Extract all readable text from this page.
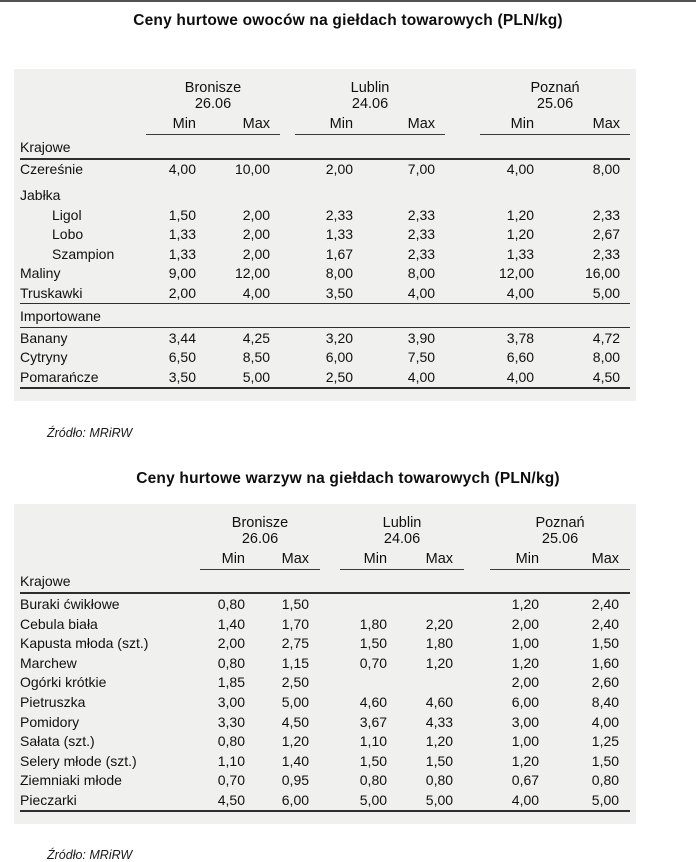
Ceny hurtowe owoców na giełdach towarowych (PLN/kg)
	Bronisze			Lublin			Poznań	
	26.06			24.06			25.06	
	Min	Max		Min	Max		Min	Max
Krajowe								
Czereśnie	4,00	10,00		2,00	7,00		4,00	8,00
Jabłka								
Ligol	1,50	2,00		2,33	2,33		1,20	2,33
Lobo	1,33	2,00		1,33	2,33		1,20	2,67
Szampion	1,33	2,00		1,67	2,33		1,33	2,33
Maliny	9,00	12,00		8,00	8,00		12,00	16,00
Truskawki	2,00	4,00		3,50	4,00		4,00	5,00
Importowane								
Banany	3,44	4,25		3,20	3,90		3,78	4,72
Cytryny	6,50	8,50		6,00	7,50		6,60	8,00
Pomarańcze	3,50	5,00		2,50	4,00		4,00	4,50
Źródło: MRiRW
Ceny hurtowe warzyw na giełdach towarowych (PLN/kg)
	Bronisze			Lublin			Poznań	
	26.06			24.06			25.06	
	Min	Max		Min	Max		Min	Max
Krajowe								
Buraki ćwikłowe	0,80	1,50					1,20	2,40
Cebula biała	1,40	1,70		1,80	2,20		2,00	2,40
Kapusta młoda (szt.)	2,00	2,75		1,50	1,80		1,00	1,50
Marchew	0,80	1,15		0,70	1,20		1,20	1,60
Ogórki krótkie	1,85	2,50					2,00	2,60
Pietruszka	3,00	5,00		4,60	4,60		6,00	8,40
Pomidory	3,30	4,50		3,67	4,33		3,00	4,00
Sałata (szt.)	0,80	1,20		1,10	1,20		1,00	1,25
Selery młode (szt.)	1,10	1,40		1,50	1,50		1,20	1,50
Ziemniaki młode	0,70	0,95		0,80	0,80		0,67	0,80
Pieczarki	4,50	6,00		5,00	5,00		4,00	5,00
Źródło: MRiRW
